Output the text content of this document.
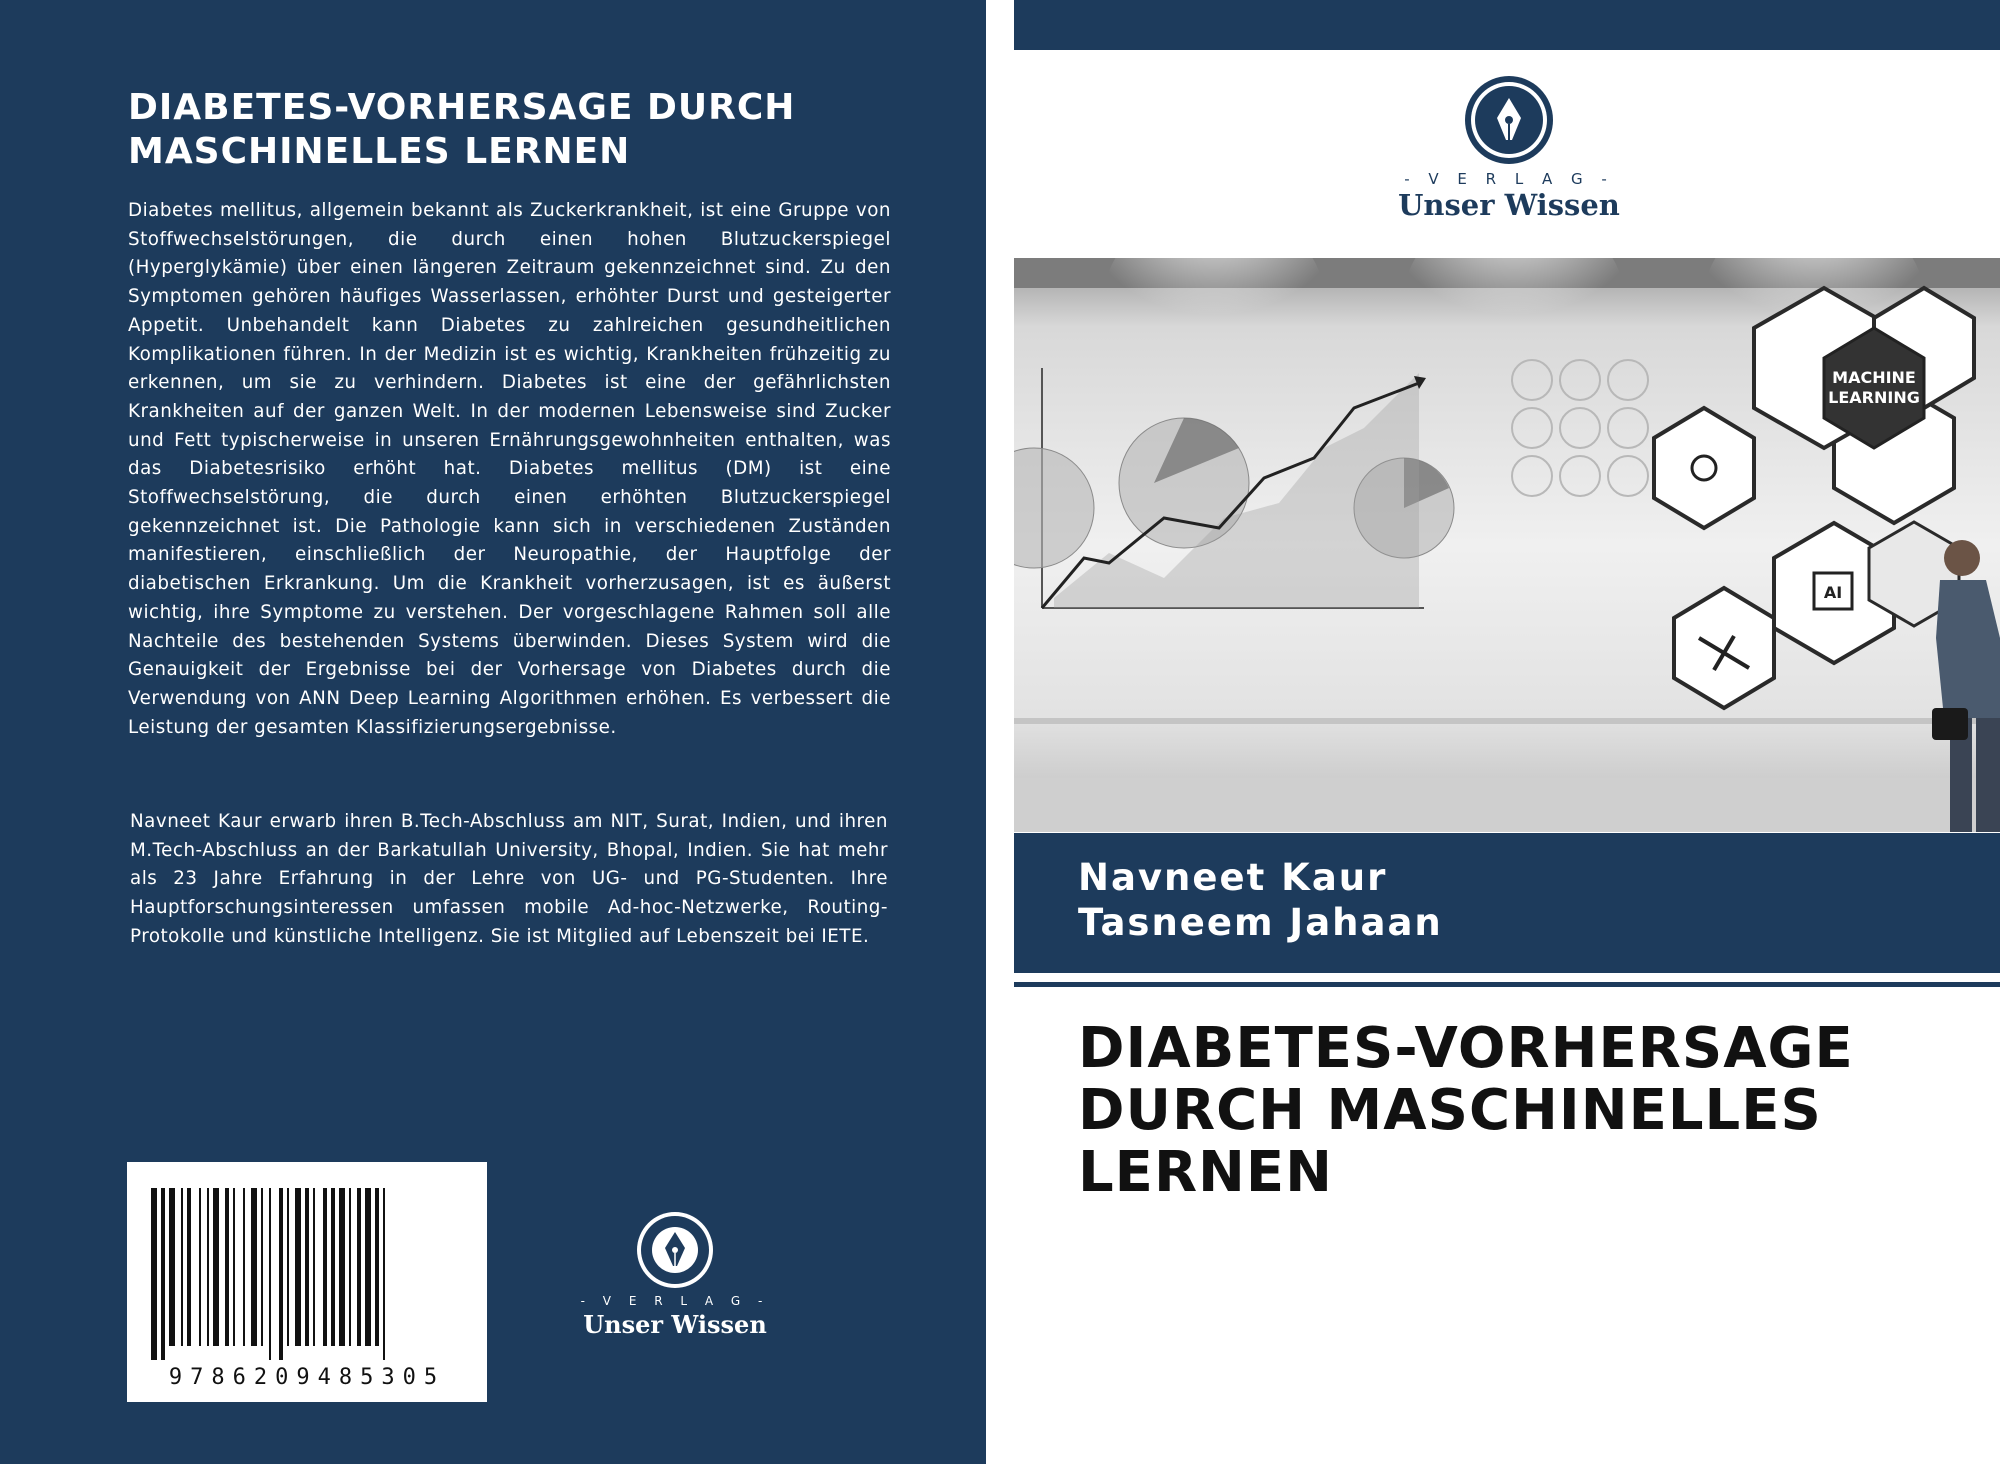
DIABETES-VORHERSAGE DURCH
MASCHINELLES LERNEN

Diabetes mellitus, allgemein bekannt als Zuckerkrankheit, ist eine Gruppe von Stoffwechselstörungen, die durch einen hohen Blutzuckerspiegel (Hyperglykämie) über einen längeren Zeitraum gekennzeichnet sind. Zu den Symptomen gehören häufiges Wasserlassen, erhöhter Durst und gesteigerter Appetit. Unbehandelt kann Diabetes zu zahlreichen gesundheitlichen Komplikationen führen. In der Medizin ist es wichtig, Krankheiten frühzeitig zu erkennen, um sie zu verhindern. Diabetes ist eine der gefährlichsten Krankheiten auf der ganzen Welt. In der modernen Lebensweise sind Zucker und Fett typischerweise in unseren Ernährungsgewohnheiten enthalten, was das Diabetesrisiko erhöht hat. Diabetes mellitus (DM) ist eine Stoffwechselstörung, die durch einen erhöhten Blutzuckerspiegel gekennzeichnet ist. Die Pathologie kann sich in verschiedenen Zuständen manifestieren, einschließlich der Neuropathie, der Hauptfolge der diabetischen Erkrankung. Um die Krankheit vorherzusagen, ist es äußerst wichtig, ihre Symptome zu verstehen. Der vorgeschlagene Rahmen soll alle Nachteile des bestehenden Systems überwinden. Dieses System wird die Genauigkeit der Ergebnisse bei der Vorhersage von Diabetes durch die Verwendung von ANN Deep Learning Algorithmen erhöhen. Es verbessert die Leistung der gesamten Klassifizierungsergebnisse.

Navneet Kaur erwarb ihren B.Tech-Abschluss am NIT, Surat, Indien, und ihren M.Tech-Abschluss an der Barkatullah University, Bhopal, Indien. Sie hat mehr als 23 Jahre Erfahrung in der Lehre von UG- und PG-Studenten. Ihre Hauptforschungsinteressen umfassen mobile Ad-hoc-Netzwerke, Routing-Protokolle und künstliche Intelligenz. Sie ist Mitglied auf Lebenszeit bei IETE.

9786209485305
- V E R L A G -
Unser Wissen
- V E R L A G -
Unser Wissen
MACHINE
LEARNING
AI

Navneet Kaur

Tasneem Jahaan

DIABETES-VORHERSAGE
DURCH MASCHINELLES
LERNEN
